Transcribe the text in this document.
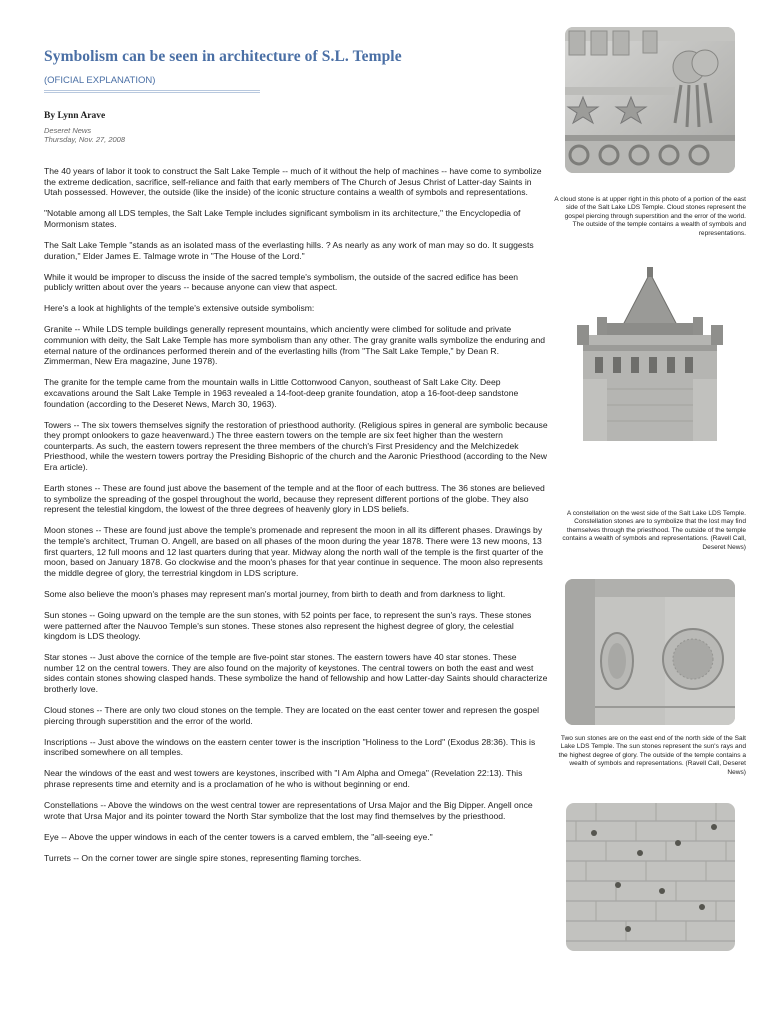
Symbolism can be seen in architecture of S.L. Temple
(OFICIAL EXPLANATION)
By Lynn Arave
Deseret News
Thursday, Nov. 27, 2008

The 40 years of labor it took to construct the Salt Lake Temple -- much of it without the help of machines -- have come to symbolize the extreme dedication, sacrifice, self-reliance and faith that early members of The Church of Jesus Christ of Latter-day Saints in Utah possessed. However, the outside (like the inside) of the iconic structure contains a wealth of symbols and representations.

"Notable among all LDS temples, the Salt Lake Temple includes significant symbolism in its architecture," the Encyclopedia of Mormonism states.

The Salt Lake Temple "stands as an isolated mass of the everlasting hills. ? As nearly as any work of man may so do. It suggests duration," Elder James E. Talmage wrote in "The House of the Lord."

While it would be improper to discuss the inside of the sacred temple's symbolism, the outside of the sacred edifice has been publicly written about over the years -- because anyone can view that aspect.

Here's a look at highlights of the temple's extensive outside symbolism:

Granite -- While LDS temple buildings generally represent mountains, which anciently were climbed for solitude and private communion with deity, the Salt Lake Temple has more symbolism than any other. The gray granite walls symbolize the enduring and eternal nature of the ordinances performed therein and of the everlasting hills (from "The Salt Lake Temple," by Dean R. Zimmerman, New Era magazine, June 1978).

The granite for the temple came from the mountain walls in Little Cottonwood Canyon, southeast of Salt Lake City. Deep excavations around the Salt Lake Temple in 1963 revealed a 14-foot-deep granite foundation, atop a 16-foot-deep sandstone foundation (according to the Deseret News, March 30, 1963).

Towers -- The six towers themselves signify the restoration of priesthood authority. (Religious spires in general are symbolic because they prompt onlookers to gaze heavenward.) The three eastern towers on the temple are six feet higher than the western counterparts. As such, the eastern towers represent the three members of the church's First Presidency and the Melchizedek Priesthood, while the western towers portray the Presiding Bishopric of the church and the Aaronic Priesthood (according to the New Era article).

Earth stones -- These are found just above the basement of the temple and at the floor of each buttress. The 36 stones are believed to symbolize the spreading of the gospel throughout the world, because they represent different portions of the globe. They also represent the telestial kingdom, the lowest of the three degrees of heavenly glory in LDS beliefs.

Moon stones -- These are found just above the temple's promenade and represent the moon in all its different phases. Drawings by the temple's architect, Truman O. Angell, are based on all phases of the moon during the year 1878. There were 13 new moons, 13 first quarters, 12 full moons and 12 last quarters during that year. Midway along the north wall of the temple is the first quarter of the moon, based on January 1878. Go clockwise and the moon's phases for that year continue in sequence. The moon also represents the middle degree of glory, the terrestrial kingdom in LDS scripture.

Some also believe the moon's phases may represent man's mortal journey, from birth to death and from darkness to light.

Sun stones -- Going upward on the temple are the sun stones, with 52 points per face, to represent the sun's rays. These stones were patterned after the Nauvoo Temple's sun stones. These stones also represent the highest degree of glory, the celestial kingdom is LDS theology.

Star stones -- Just above the cornice of the temple are five-point star stones. The eastern towers have 40 star stones. These number 12 on the central towers. They are also found on the majority of keystones. The central towers on both the east and west sides contain stones showing clasped hands. These symbolize the hand of fellowship and how Latter-day Saints should characterize brotherly love.

Cloud stones -- There are only two cloud stones on the temple. They are located on the east center tower and represen the gospel piercing through superstition and the error of the world.

Inscriptions -- Just above the windows on the eastern center tower is the inscription "Holiness to the Lord" (Exodus 28:36). This is inscribed somewhere on all temples.

Near the windows of the east and west towers are keystones, inscribed with "I Am Alpha and Omega" (Revelation 22:13). This phrase represents time and eternity and is a proclamation of he who is without beginning or end.

Constellations -- Above the windows on the west central tower are representations of Ursa Major and the Big Dipper. Angell once wrote that Ursa Major and its pointer toward the North Star symbolize that the lost may find themselves by the priesthood.

Eye -- Above the upper windows in each of the center towers is a carved emblem, the "all-seeing eye."

Turrets -- On the corner tower are single spire stones, representing flaming torches.

A cloud stone is at upper right in this photo of a portion of the east side of the Salt Lake LDS Temple. Cloud stones represent the gospel piercing through superstition and the error of the world. The outside of the temple contains a wealth of symbols and representations.
A constellation on the west side of the Salt Lake LDS Temple. Constellation stones are to symbolize that the lost may find themselves through the priesthood. The outside of the temple contains a wealth of symbols and representations. (Ravell Call, Deseret News)
Two sun stones are on the east end of the north side of the Salt Lake LDS Temple. The sun stones represent the sun's rays and the highest degree of glory. The outside of the temple contains a wealth of symbols and representations. (Ravell Call, Deseret News)
